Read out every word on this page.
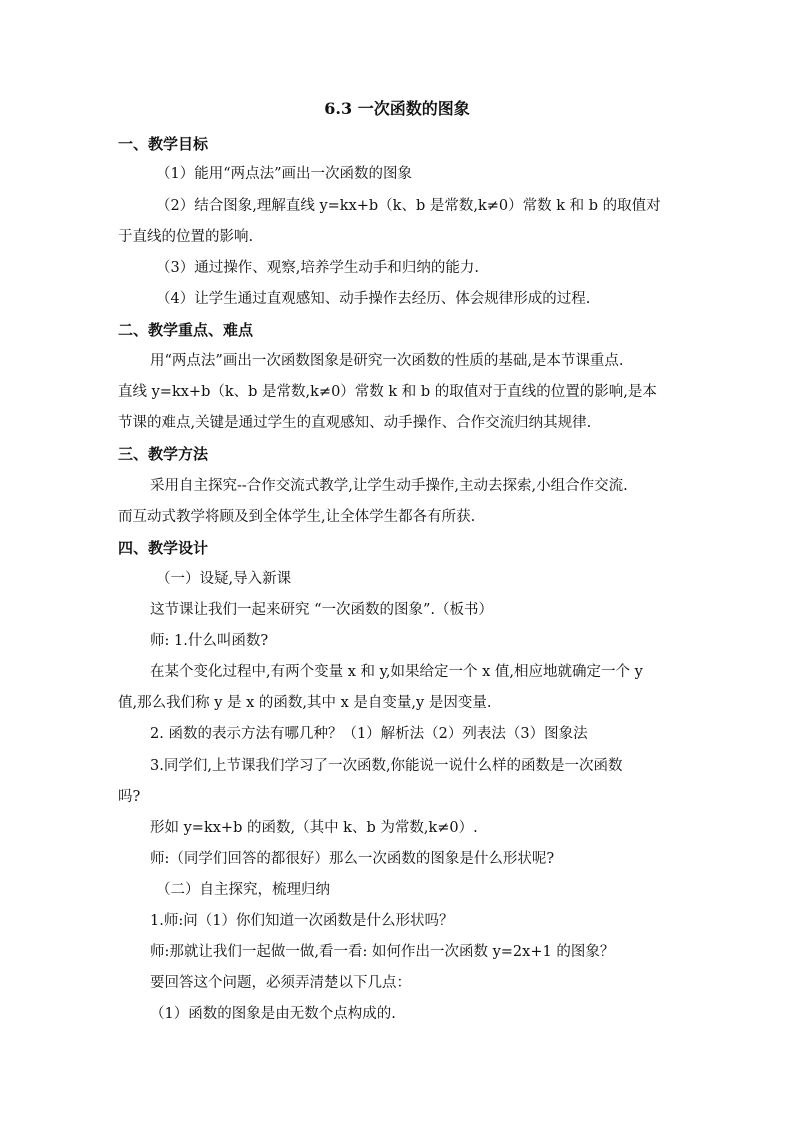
6.3 一次函数的图象
一、教学目标
（1）能用“两点法”画出一次函数的图象
（2）结合图象,理解直线 y=kx+b（k、b 是常数,k≠0）常数 k 和 b 的取值对
于直线的位置的影响.
（3）通过操作、观察,培养学生动手和归纳的能力.
（4）让学生通过直观感知、动手操作去经历、体会规律形成的过程.
二、教学重点、难点
用“两点法”画出一次函数图象是研究一次函数的性质的基础,是本节课重点.
直线 y=kx+b（k、b 是常数,k≠0）常数 k 和 b 的取值对于直线的位置的影响,是本
节课的难点,关键是通过学生的直观感知、动手操作、合作交流归纳其规律.
三、教学方法
采用自主探究--合作交流式教学,让学生动手操作,主动去探索,小组合作交流.
而互动式教学将顾及到全体学生,让全体学生都各有所获.
四、教学设计
（一）设疑,导入新课
这节课让我们一起来研究 “一次函数的图象”.（板书）
师: 1.什么叫函数?
在某个变化过程中,有两个变量 x 和 y,如果给定一个 x 值,相应地就确定一个 y
值,那么我们称 y 是 x 的函数,其中 x 是自变量,y 是因变量.
2. 函数的表示方法有哪几种？（1）解析法（2）列表法（3）图象法
3.同学们,上节课我们学习了一次函数,你能说一说什么样的函数是一次函数
吗?
形如 y=kx+b 的函数,（其中 k、b 为常数,k≠0）.
师:（同学们回答的都很好）那么一次函数的图象是什么形状呢?
（二）自主探究，梳理归纳
1.师:问（1）你们知道一次函数是什么形状吗？
师:那就让我们一起做一做,看一看: 如何作出一次函数 y=2x+1 的图象？
要回答这个问题，必须弄清楚以下几点：
（1）函数的图象是由无数个点构成的.
